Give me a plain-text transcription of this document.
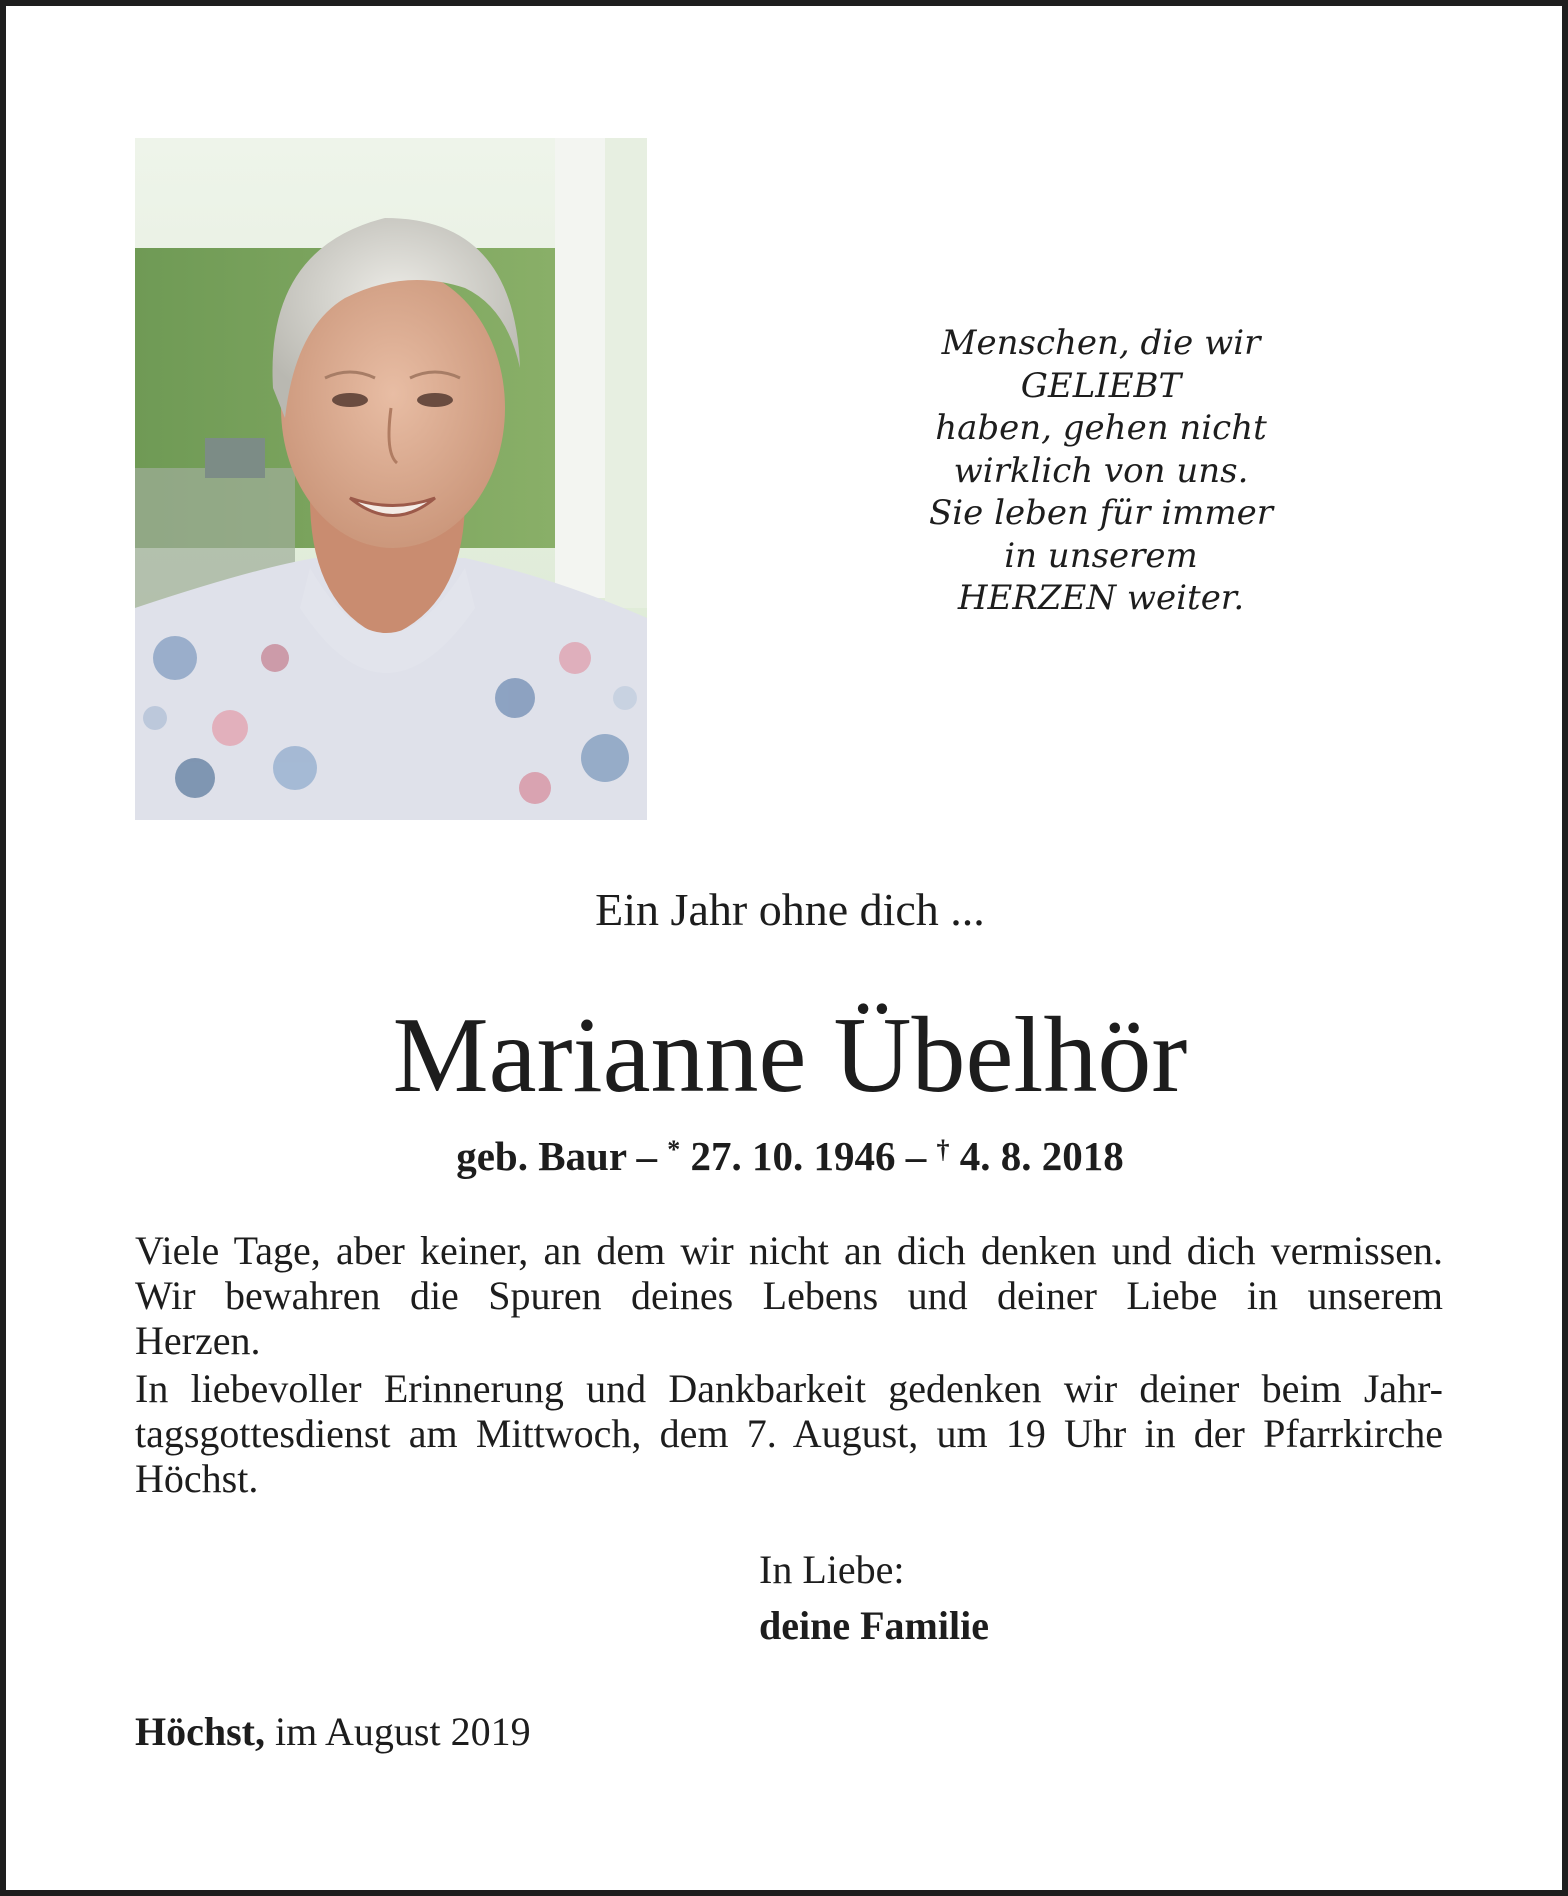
Menschen, die wir
GELIEBT
haben, gehen nicht
wirklich von uns.
Sie leben für immer
in unserem
HERZEN weiter.
Ein Jahr ohne dich ...
Marianne Übelhör
geb. Baur – * 27. 10. 1946 – † 4. 8. 2018
Viele Tage, aber keiner, an dem wir nicht an dich denken und dich vermissen.
Wir bewahren die Spuren deines Lebens und deiner Liebe in unserem
Herzen.
In liebevoller Erinnerung und Dankbarkeit gedenken wir deiner beim Jahr-
tagsgottesdienst am Mittwoch, dem 7. August, um 19 Uhr in der Pfarrkirche
Höchst.
In Liebe:
deine Familie
Höchst, im August 2019
